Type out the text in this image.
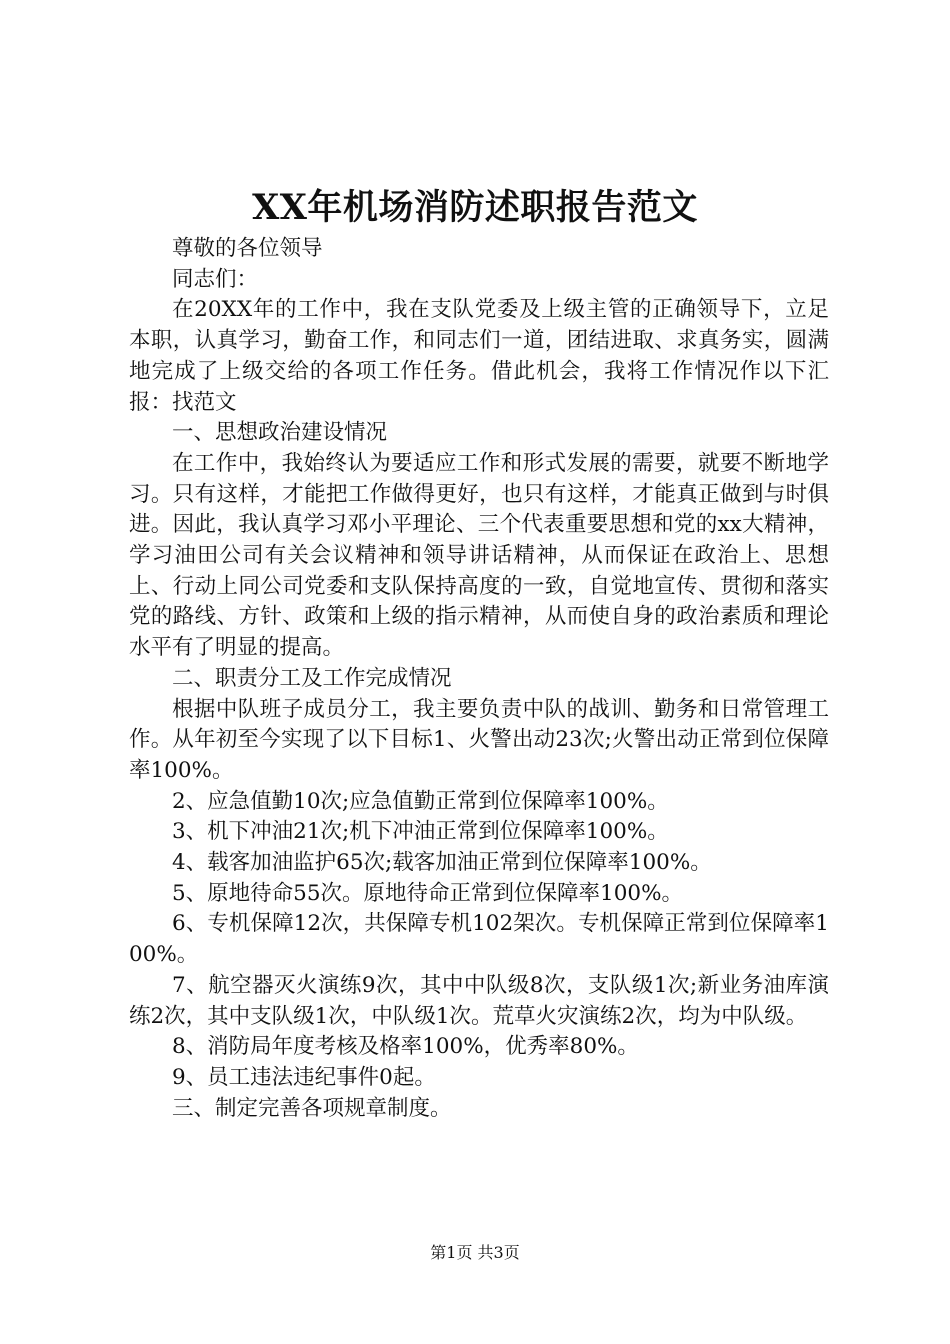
XX年机场消防述职报告范文

尊敬的各位领导

同志们：

在20XX年的工作中，我在支队党委及上级主管的正确领导下，立足本职，认真学习，勤奋工作，和同志们一道，团结进取、求真务实，圆满地完成了上级交给的各项工作任务。借此机会，我将工作情况作以下汇报：找范文

一、思想政治建设情况

在工作中，我始终认为要适应工作和形式发展的需要，就要不断地学习。只有这样，才能把工作做得更好，也只有这样，才能真正做到与时俱进。因此，我认真学习邓小平理论、三个代表重要思想和党的xx大精神，学习油田公司有关会议精神和领导讲话精神，从而保证在政治上、思想上、行动上同公司党委和支队保持高度的一致，自觉地宣传、贯彻和落实党的路线、方针、政策和上级的指示精神，从而使自身的政治素质和理论水平有了明显的提高。

二、职责分工及工作完成情况

根据中队班子成员分工，我主要负责中队的战训、勤务和日常管理工作。从年初至今实现了以下目标1、火警出动23次;火警出动正常到位保障率100%。

2、应急值勤10次;应急值勤正常到位保障率100%。

3、机下冲油21次;机下冲油正常到位保障率100%。

4、载客加油监护65次;载客加油正常到位保障率100%。

5、原地待命55次。原地待命正常到位保障率100%。

6、专机保障12次，共保障专机102架次。专机保障正常到位保障率100%。

7、航空器灭火演练9次，其中中队级8次，支队级1次;新业务油库演练2次，其中支队级1次，中队级1次。荒草火灾演练2次，均为中队级。

8、消防局年度考核及格率100%，优秀率80%。

9、员工违法违纪事件0起。

三、制定完善各项规章制度。

第1页 共3页
